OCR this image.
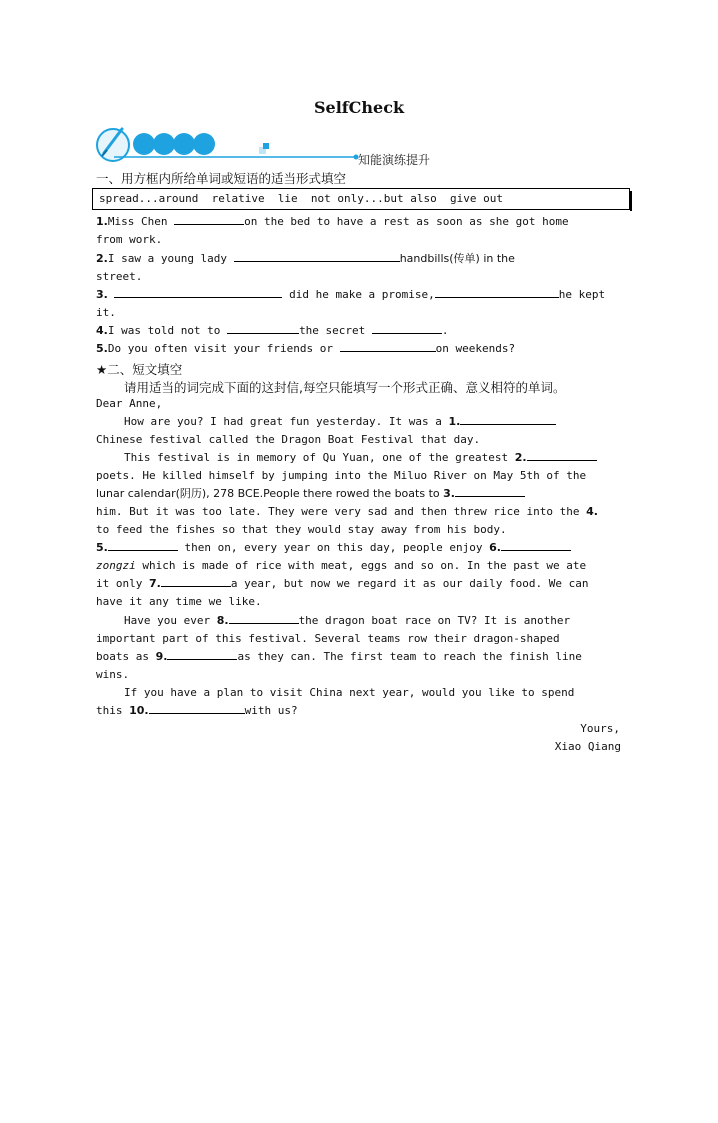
SelfCheck
知能演练提升
一、用方框内所给单词或短语的适当形式填空
spread...around  relative  lie  not only...but also  give out
1.Miss Chen	on the bed to have a rest as soon as she got home
from work.
2.I saw a young lady	handbills(传单) in the
street.
3.	did he make a promise,	he kept
it.
4.I was told not to	the secret	.
5.Do you often visit your friends or	on weekends?
★二、短文填空
请用适当的词完成下面的这封信,每空只能填写一个形式正确、意义相符的单词。
Dear Anne,
How are you? I had great fun yesterday. It was a 1.
Chinese festival called the Dragon Boat Festival that day.
This festival is in memory of Qu Yuan, one of the greatest 2.
poets. He killed himself by jumping into the Miluo River on May 5th of the
lunar calendar(阴历), 278 BCE.People there rowed the boats to 3.
him. But it was too late. They were very sad and then threw rice into the 4.
to feed the fishes so that they would stay away from his body.
5.	then on, every year on this day, people enjoy 6.
zongzi which is made of rice with meat, eggs and so on. In the past we ate
it only 7.	a year, but now we regard it as our daily food. We can
have it any time we like.
Have you ever 8.	the dragon boat race on TV? It is another
important part of this festival. Several teams row their dragon-shaped
boats as 9.	as they can. The first team to reach the finish line
wins.
If you have a plan to visit China next year, would you like to spend
this 10.	with us?
Yours,
Xiao Qiang
